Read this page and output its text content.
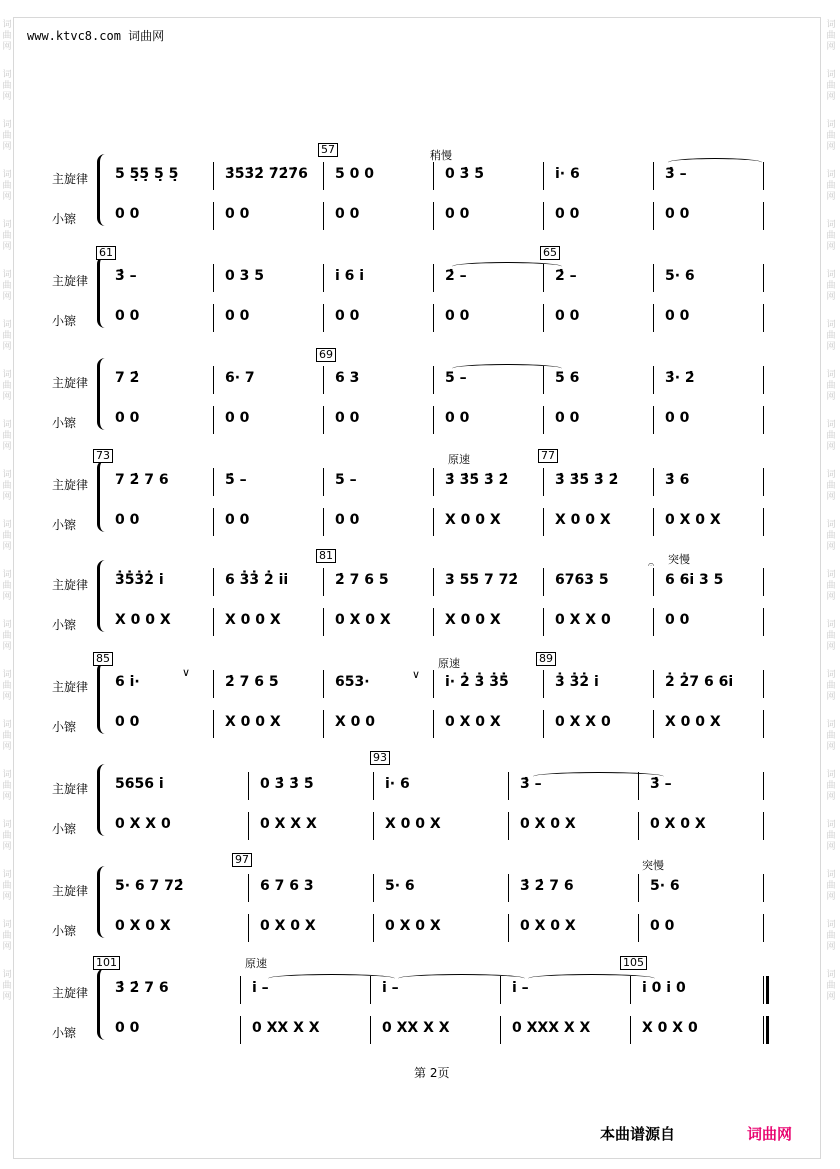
词曲网
词曲网
词曲网
词曲网
词曲网
词曲网
词曲网
词曲网
词曲网
词曲网
词曲网
词曲网
词曲网
词曲网
词曲网
词曲网
词曲网
词曲网
词曲网
词曲网
词曲网
词曲网
词曲网
词曲网
词曲网
词曲网
词曲网
词曲网
词曲网
词曲网
词曲网
词曲网
词曲网
词曲网
词曲网
词曲网
词曲网
词曲网
词曲网
词曲网
www.ktvc8.com 词曲网
主旋律
小镲
5 5̣5̣ 5̣ 5̣	3̇5̇3̇2̇ 7̇2̇7̇6 5 0 0	0 3̇ 5̇	i· 6	3̇ –
0 0	0 0	0 0	0 0	0 0	0 0
主旋律
小镲
3̇ –	0 3 5	i 6 i	2̇ –	2̇ –	5· 6
0 0	0 0	0 0	0 0	0 0	0 0
主旋律
小镲
7 2̇	6· 7	6 3	5 –	5 6	3̇· 2̇
0 0	0 0	0 0	0 0	0 0	0 0
主旋律
小镲
7 2̇ 7 6	5̇ –	5 –	3̇ 3̇5̇ 3̇ 2̇	3̇ 3̇5̇ 3̇ 2̇	3̇ 6
0 0	0 0	0 0	X 0 0 X	X 0 0 X	0 X 0 X
主旋律
小镲
3̇5̇3̇2̇ i	6 3̇3̇ 2̇ ii	2̇ 7 6 5	3 55 7 72̇	6763 5	6 6i 3 5
X 0 0 X	X 0 0 X	0 X 0 X	X 0 0 X	0 X X 0	0 0
主旋律
小镲
6 i·	2̇ 7 6 5	653·	i· 2̇ 3̇ 3̇5̇	3̇ 3̇2̇ i	2̇ 2̇7 6 6i
0 0	X 0 0 X	X 0 0	0 X 0 X	0 X X 0	X 0 0 X
主旋律
小镲
5656 i	0 3̇ 3̇ 5̇	i· 6	3̇ –	3̇ –
0 X X 0	0 X X X	X 0 0 X	0 X 0 X	0 X 0 X
主旋律
小镲
5· 6 7 72̇	6 7 6 3	5· 6	3̇ 2̇ 7 6	5· 6
0 X 0 X	0 X 0 X	0 X 0 X	0 X 0 X	0 0
主旋律
小镲
3̇ 2̇ 7 6	i –	i –	i –	i 0 i 0
0 0	0 XX X X	0 XX X X	0 XXX X X	X 0 X 0
57
61	65
69
73	77
81
85	89
93
97
101	105
稍慢
原速
突慢
𝄐
原速
∨	∨
突慢
原速
第 2页
本曲谱源自	词曲网
